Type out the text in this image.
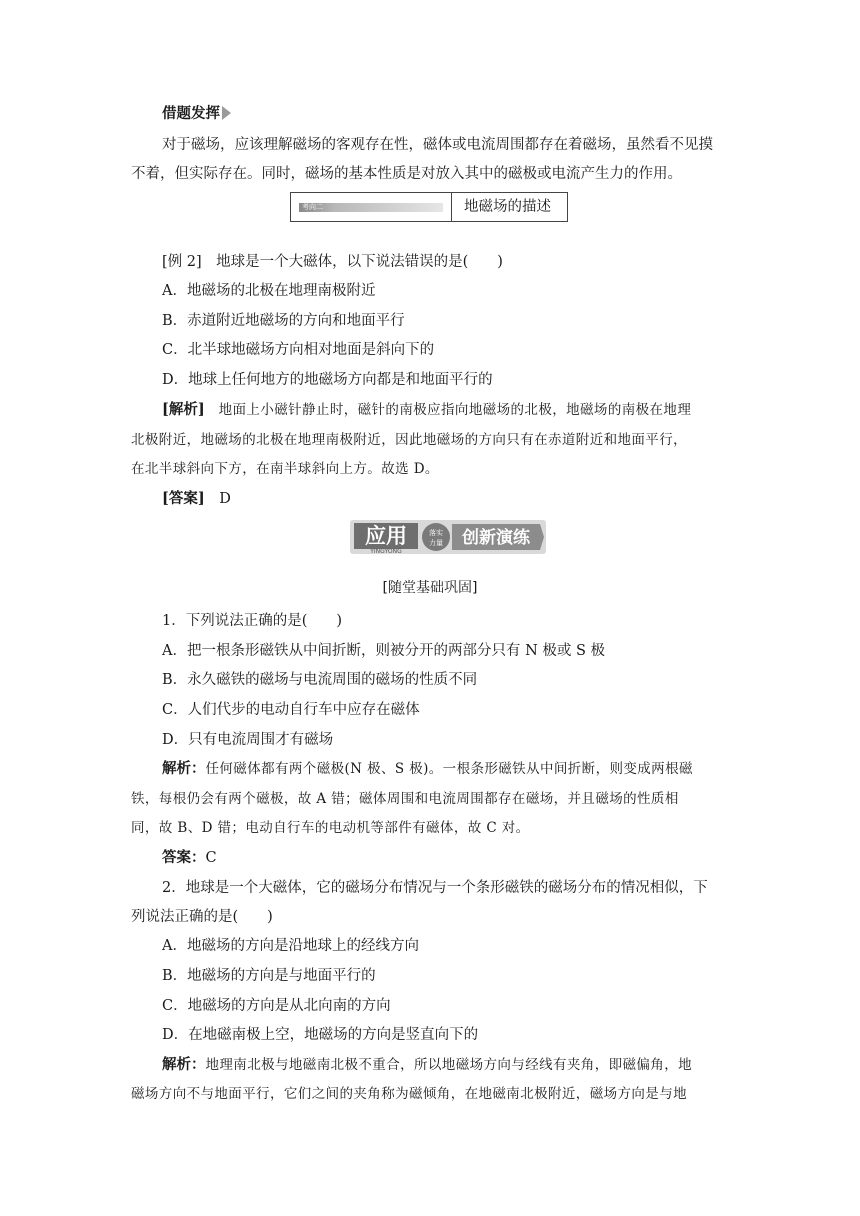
借题发挥
对于磁场，应该理解磁场的客观存在性，磁体或电流周围都存在着磁场，虽然看不见摸
不着，但实际存在。同时，磁场的基本性质是对放入其中的磁极或电流产生力的作用。
考向二	地磁场的描述
[例 2]　地球是一个大磁体，以下说法错误的是(　　)
A．地磁场的北极在地理南极附近
B．赤道附近地磁场的方向和地面平行
C．北半球地磁场方向相对地面是斜向下的
D．地球上任何地方的地磁场方向都是和地面平行的
[解析]　地面上小磁针静止时，磁针的南极应指向地磁场的北极，地磁场的南极在地理
北极附近，地磁场的北极在地理南极附近，因此地磁场的方向只有在赤道附近和地面平行，
在北半球斜向下方，在南半球斜向上方。故选 D。
[答案]　D
应用
YINGYONG
落实
力量 创新演练
[随堂基础巩固]
1．下列说法正确的是(　　)
A．把一根条形磁铁从中间折断，则被分开的两部分只有 N 极或 S 极
B．永久磁铁的磁场与电流周围的磁场的性质不同
C．人们代步的电动自行车中应存在磁体
D．只有电流周围才有磁场
解析：任何磁体都有两个磁极(N 极、S 极)。一根条形磁铁从中间折断，则变成两根磁
铁，每根仍会有两个磁极，故 A 错；磁体周围和电流周围都存在磁场，并且磁场的性质相
同，故 B、D 错；电动自行车的电动机等部件有磁体，故 C 对。
答案：C
2．地球是一个大磁体，它的磁场分布情况与一个条形磁铁的磁场分布的情况相似，下
列说法正确的是(　　)
A．地磁场的方向是沿地球上的经线方向
B．地磁场的方向是与地面平行的
C．地磁场的方向是从北向南的方向
D．在地磁南极上空，地磁场的方向是竖直向下的
解析：地理南北极与地磁南北极不重合，所以地磁场方向与经线有夹角，即磁偏角，地
磁场方向不与地面平行，它们之间的夹角称为磁倾角，在地磁南北极附近，磁场方向是与地
